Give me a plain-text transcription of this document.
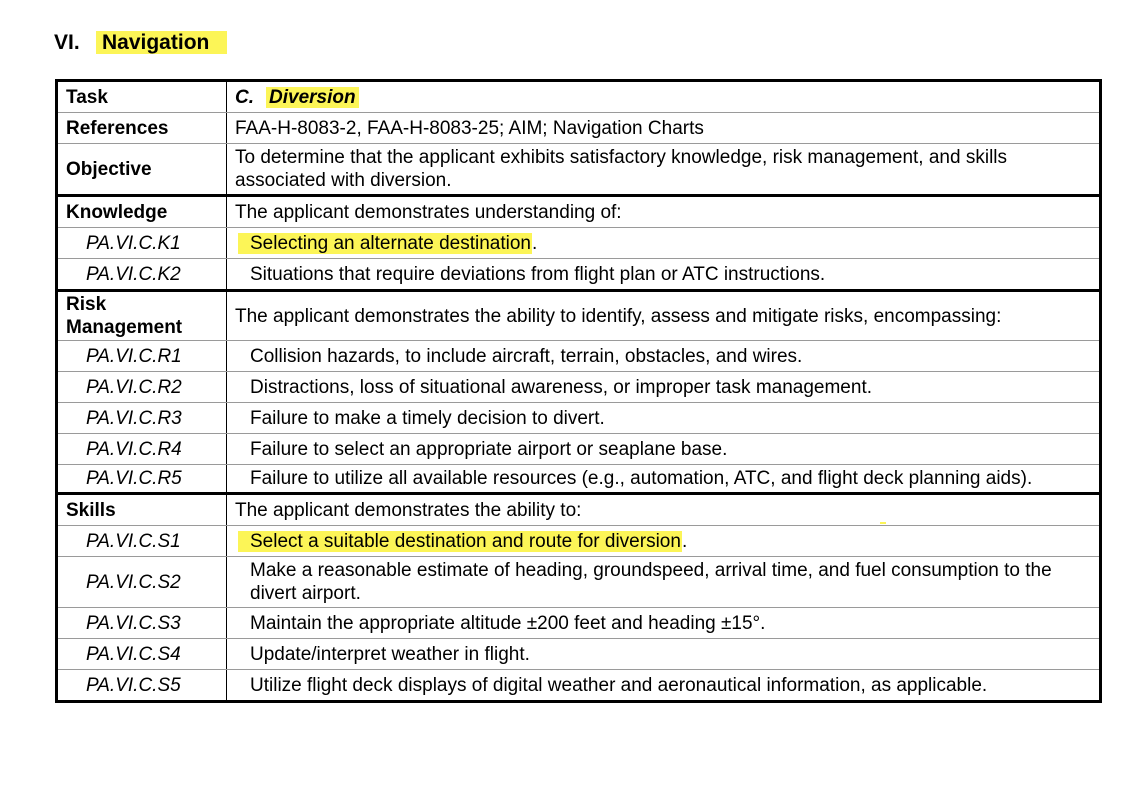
VI. Navigation
Task	C. Diversion
References	FAA-H-8083-2, FAA-H-8083-25; AIM; Navigation Charts
Objective	To determine that the applicant exhibits satisfactory knowledge, risk management, and skills associated with diversion.
Knowledge	The applicant demonstrates understanding of:
PA.VI.C.K1	Selecting an alternate destination.
PA.VI.C.K2	Situations that require deviations from flight plan or ATC instructions.
Risk Management	The applicant demonstrates the ability to identify, assess and mitigate risks, encompassing:
PA.VI.C.R1	Collision hazards, to include aircraft, terrain, obstacles, and wires.
PA.VI.C.R2	Distractions, loss of situational awareness, or improper task management.
PA.VI.C.R3	Failure to make a timely decision to divert.
PA.VI.C.R4	Failure to select an appropriate airport or seaplane base.
PA.VI.C.R5	Failure to utilize all available resources (e.g., automation, ATC, and flight deck planning aids).
Skills	The applicant demonstrates the ability to:
PA.VI.C.S1	Select a suitable destination and route for diversion.
PA.VI.C.S2	Make a reasonable estimate of heading, groundspeed, arrival time, and fuel consumption to the divert airport.
PA.VI.C.S3	Maintain the appropriate altitude ±200 feet and heading ±15°.
PA.VI.C.S4	Update/interpret weather in flight.
PA.VI.C.S5	Utilize flight deck displays of digital weather and aeronautical information, as applicable.
